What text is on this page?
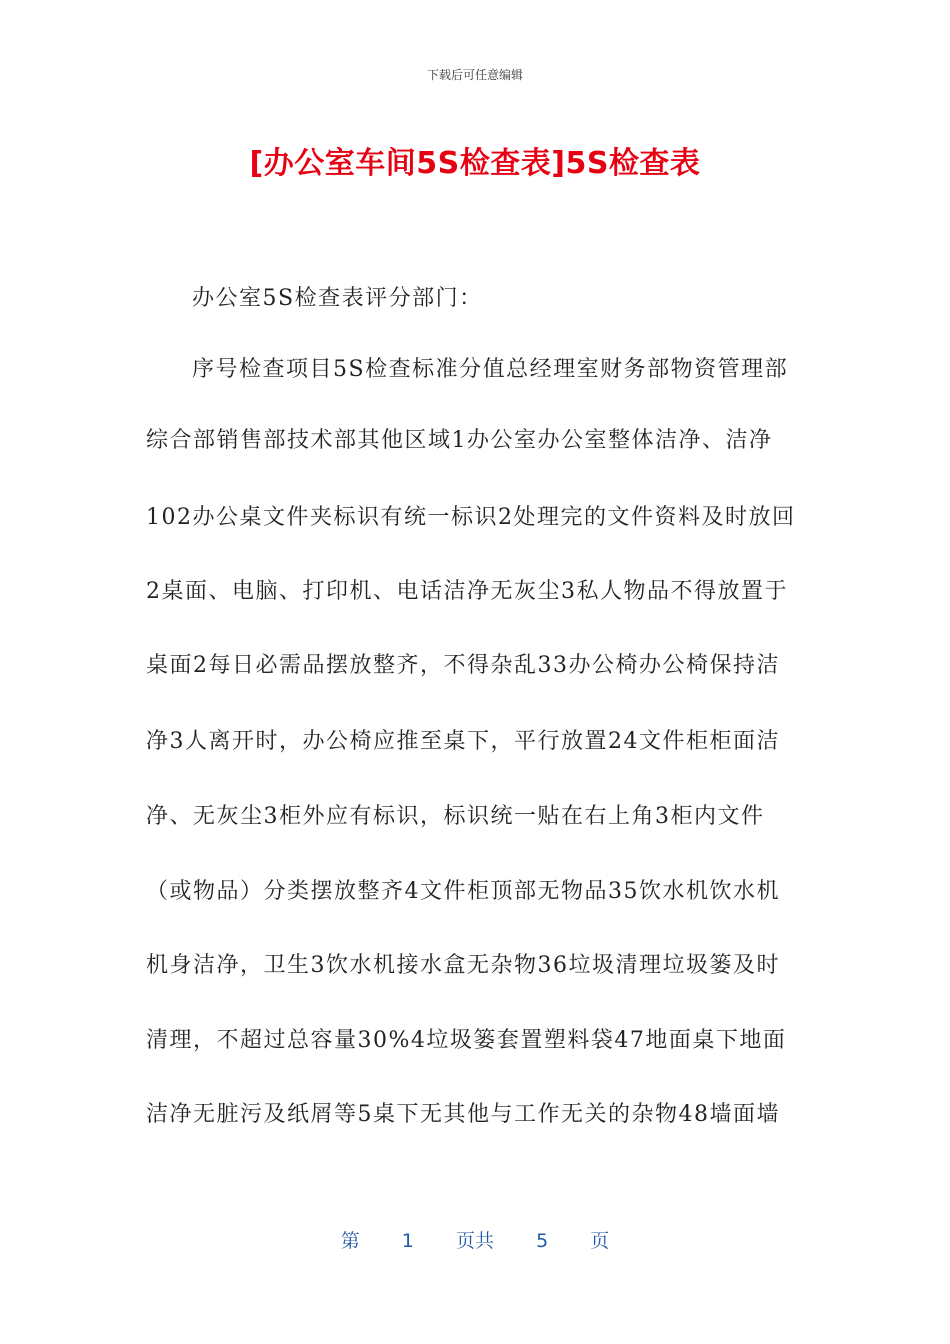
下载后可任意编辑
[办公室车间5S检查表]5S检查表
办公室5S检查表评分部门：
序号检查项目5S检查标准分值总经理室财务部物资管理部
综合部销售部技术部其他区域1办公室办公室整体洁净、洁净
102办公桌文件夹标识有统一标识2处理完的文件资料及时放回
2桌面、电脑、打印机、电话洁净无灰尘3私人物品不得放置于
桌面2每日必需品摆放整齐，不得杂乱33办公椅办公椅保持洁
净3人离开时，办公椅应推至桌下，平行放置24文件柜柜面洁
净、无灰尘3柜外应有标识，标识统一贴在右上角3柜内文件
（或物品）分类摆放整齐4文件柜顶部无物品35饮水机饮水机
机身洁净，卫生3饮水机接水盒无杂物36垃圾清理垃圾篓及时
清理，不超过总容量30%4垃圾篓套置塑料袋47地面桌下地面
洁净无脏污及纸屑等5桌下无其他与工作无关的杂物48墙面墙
第 1 页共 5 页
